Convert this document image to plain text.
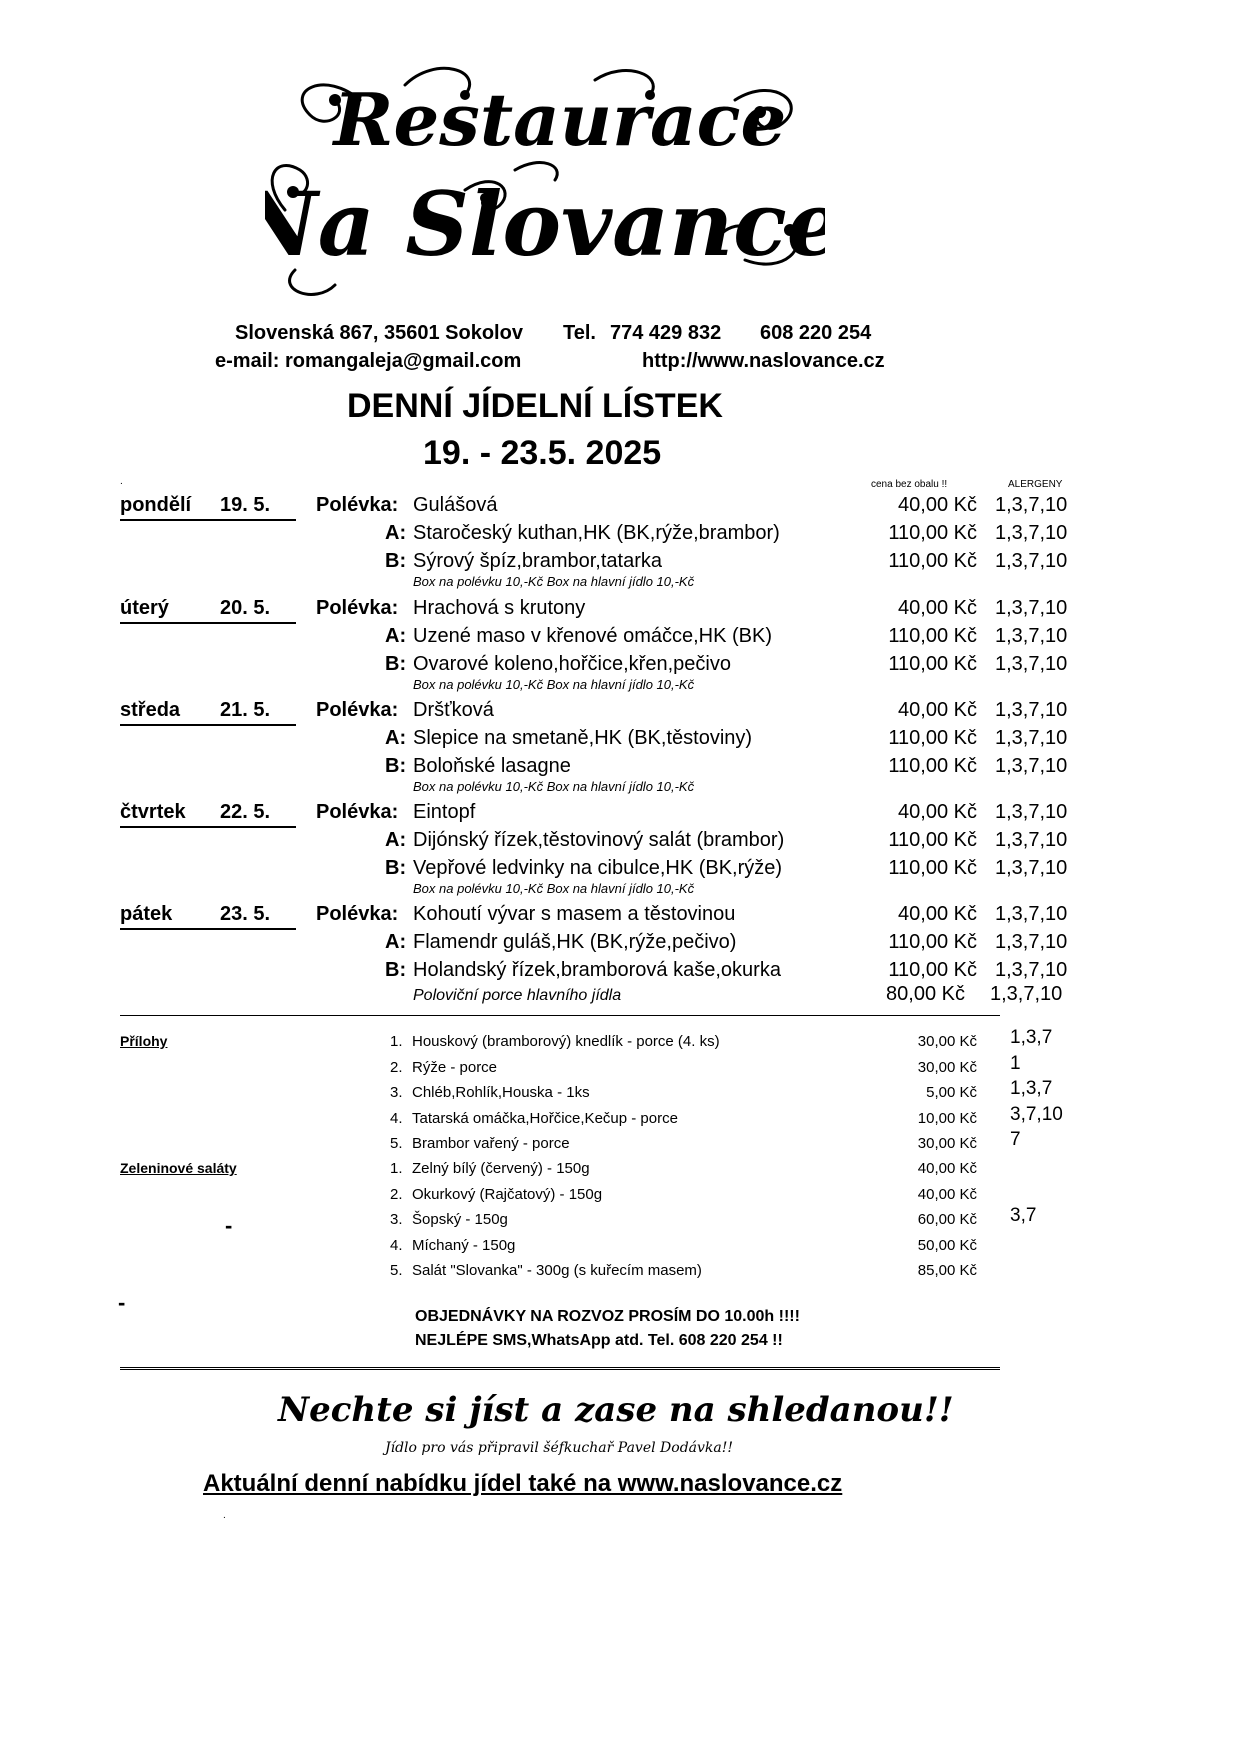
Restaurace
Na Slovance
Slovenská 867, 35601 Sokolov Tel. 774 429 832 608 220 254
e-mail: romangaleja@gmail.com	http://www.naslovance.cz
DENNÍ JÍDELNÍ LÍSTEK
19. - 23.5. 2025
.	cena bez obalu !!	ALERGENY
pondělí 19. 5. Polévka: Gulášová	40,00 Kč 1,3,7,10
A: Staročeský kuthan,HK (BK,rýže,brambor)	110,00 Kč 1,3,7,10
B: Sýrový špíz,brambor,tatarka	110,00 Kč 1,3,7,10
Box na polévku 10,-Kč Box na hlavní jídlo 10,-Kč
úterý	20. 5. Polévka: Hrachová s krutony	40,00 Kč 1,3,7,10
A: Uzené maso v křenové omáčce,HK (BK)	110,00 Kč 1,3,7,10
B: Ovarové koleno,hořčice,křen,pečivo	110,00 Kč 1,3,7,10
Box na polévku 10,-Kč Box na hlavní jídlo 10,-Kč
středa 21. 5. Polévka: Dršťková	40,00 Kč 1,3,7,10
A: Slepice na smetaně,HK (BK,těstoviny)	110,00 Kč 1,3,7,10
B: Boloňské lasagne	110,00 Kč 1,3,7,10
Box na polévku 10,-Kč Box na hlavní jídlo 10,-Kč
čtvrtek 22. 5. Polévka: Eintopf	40,00 Kč 1,3,7,10
A: Dijónský řízek,těstovinový salát (brambor)	110,00 Kč 1,3,7,10
B: Vepřové ledvinky na cibulce,HK (BK,rýže)	110,00 Kč 1,3,7,10
Box na polévku 10,-Kč Box na hlavní jídlo 10,-Kč
pátek 23. 5. Polévka: Kohoutí vývar s masem a těstovinou	40,00 Kč 1,3,7,10
A: Flamendr guláš,HK (BK,rýže,pečivo)	110,00 Kč 1,3,7,10
B: Holandský řízek,bramborová kaše,okurka	110,00 Kč 1,3,7,10
Poloviční porce hlavního jídla	80,00 Kč 1,3,7,10
Přílohy	1. Houskový (bramborový) knedlík - porce (4. ks)	30,00 Kč 1,3,7
2. Rýže - porce	30,00 Kč 1
3. Chléb,Rohlík,Houska - 1ks	5,00 Kč 1,3,7
4. Tatarská omáčka,Hořčice,Kečup - porce	10,00 Kč 3,7,10
5. Brambor vařený - porce	30,00 Kč 7
Zeleninové saláty	1. Zelný bílý (červený) - 150g	40,00 Kč
2. Okurkový (Rajčatový) - 150g	40,00 Kč
3. Šopský - 150g	60,00 Kč 3,7
4. Míchaný - 150g	50,00 Kč
5. Salát "Slovanka" - 300g (s kuřecím masem)	85,00 Kč
-
-
OBJEDNÁVKY NA ROZVOZ PROSÍM DO 10.00h !!!!
NEJLÉPE SMS,WhatsApp atd. Tel. 608 220 254 !!
Nechte si jíst a zase na shledanou!!
Jídlo pro vás připravil šéfkuchař Pavel Dodávka!!
Aktuální denní nabídku jídel také na www.naslovance.cz
.
